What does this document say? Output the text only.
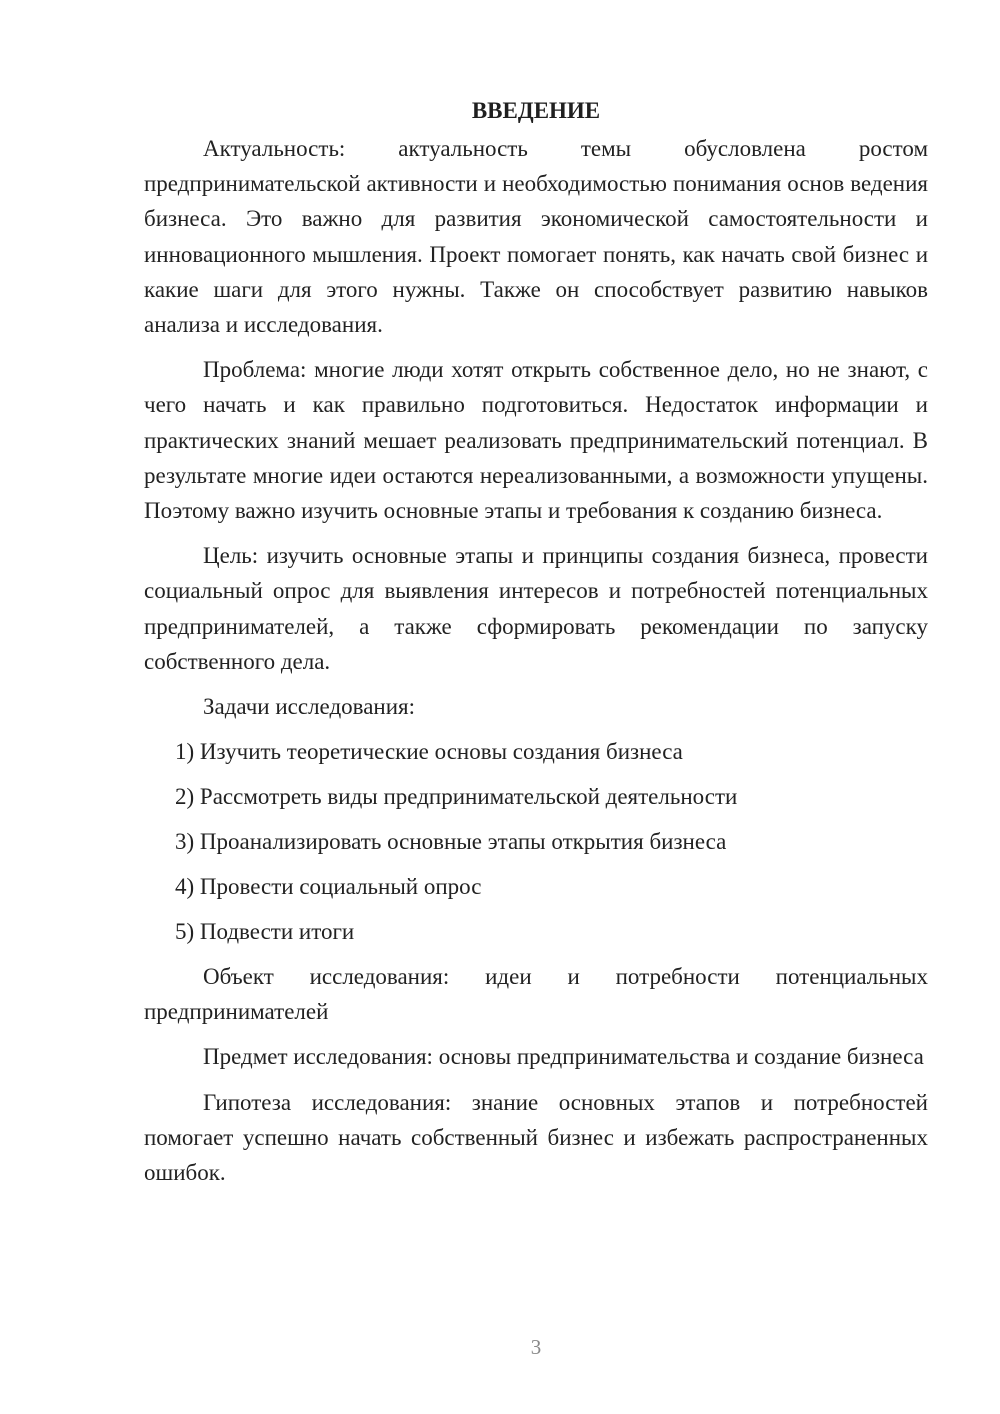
ВВЕДЕНИЕ

Актуальность: актуальность темы обусловлена ростом предпринимательской активности и необходимостью понимания основ ведения бизнеса. Это важно для развития экономической самостоятельности и инновационного мышления. Проект помогает понять, как начать свой бизнес и какие шаги для этого нужны. Также он способствует развитию навыков анализа и исследования.

Проблема: многие люди хотят открыть собственное дело, но не знают, с чего начать и как правильно подготовиться. Недостаток информации и практических знаний мешает реализовать предпринимательский потенциал. В результате многие идеи остаются нереализованными, а возможности упущены. Поэтому важно изучить основные этапы и требования к созданию бизнеса.

Цель: изучить основные этапы и принципы создания бизнеса, провести социальный опрос для выявления интересов и потребностей потенциальных предпринимателей, а также сформировать рекомендации по запуску собственного дела.

Задачи исследования:
1) Изучить теоретические основы создания бизнеса
2) Рассмотреть виды предпринимательской деятельности
3) Проанализировать основные этапы открытия бизнеса
4) Провести социальный опрос
5) Подвести итоги

Объект исследования: идеи и потребности потенциальных предпринимателей

Предмет исследования: основы предпринимательства и создание бизнеса

Гипотеза исследования: знание основных этапов и потребностей помогает успешно начать собственный бизнес и избежать распространенных ошибок.

3
